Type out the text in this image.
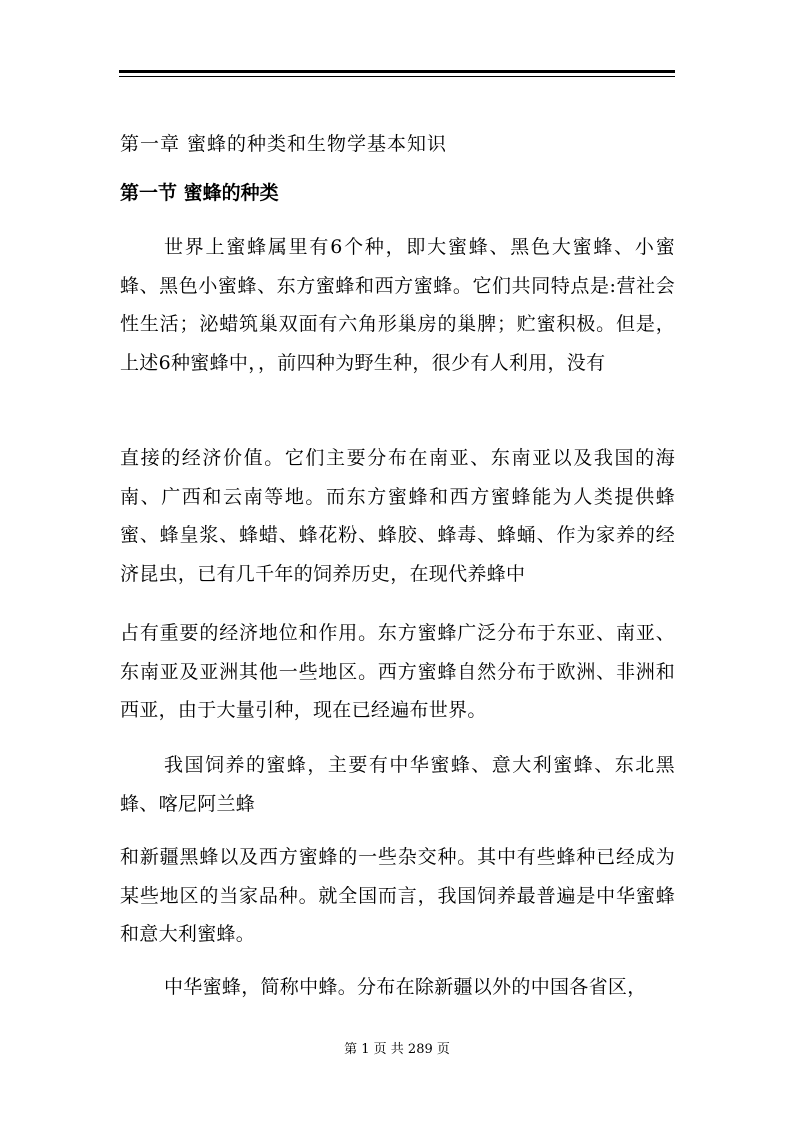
第一章 蜜蜂的种类和生物学基本知识
第一节 蜜蜂的种类

世界上蜜蜂属里有6个种，即大蜜蜂、黑色大蜜蜂、小蜜蜂、黑色小蜜蜂、东方蜜蜂和西方蜜蜂。它们共同特点是:营社会性生活；泌蜡筑巢双面有六角形巢房的巢脾；贮蜜积极。但是，上述6种蜜蜂中，，前四种为野生种，很少有人利用，没有

直接的经济价值。它们主要分布在南亚、东南亚以及我国的海南、广西和云南等地。而东方蜜蜂和西方蜜蜂能为人类提供蜂蜜、蜂皇浆、蜂蜡、蜂花粉、蜂胶、蜂毒、蜂蛹、作为家养的经济昆虫，已有几千年的饲养历史，在现代养蜂中

占有重要的经济地位和作用。东方蜜蜂广泛分布于东亚、南亚、东南亚及亚洲其他一些地区。西方蜜蜂自然分布于欧洲、非洲和西亚，由于大量引种，现在已经遍布世界。

我国饲养的蜜蜂，主要有中华蜜蜂、意大利蜜蜂、东北黑蜂、喀尼阿兰蜂

和新疆黑蜂以及西方蜜蜂的一些杂交种。其中有些蜂种已经成为某些地区的当家品种。就全国而言，我国饲养最普遍是中华蜜蜂和意大利蜜蜂。

中华蜜蜂，简称中蜂。分布在除新疆以外的中国各省区，

第 1 页 共 289 页
